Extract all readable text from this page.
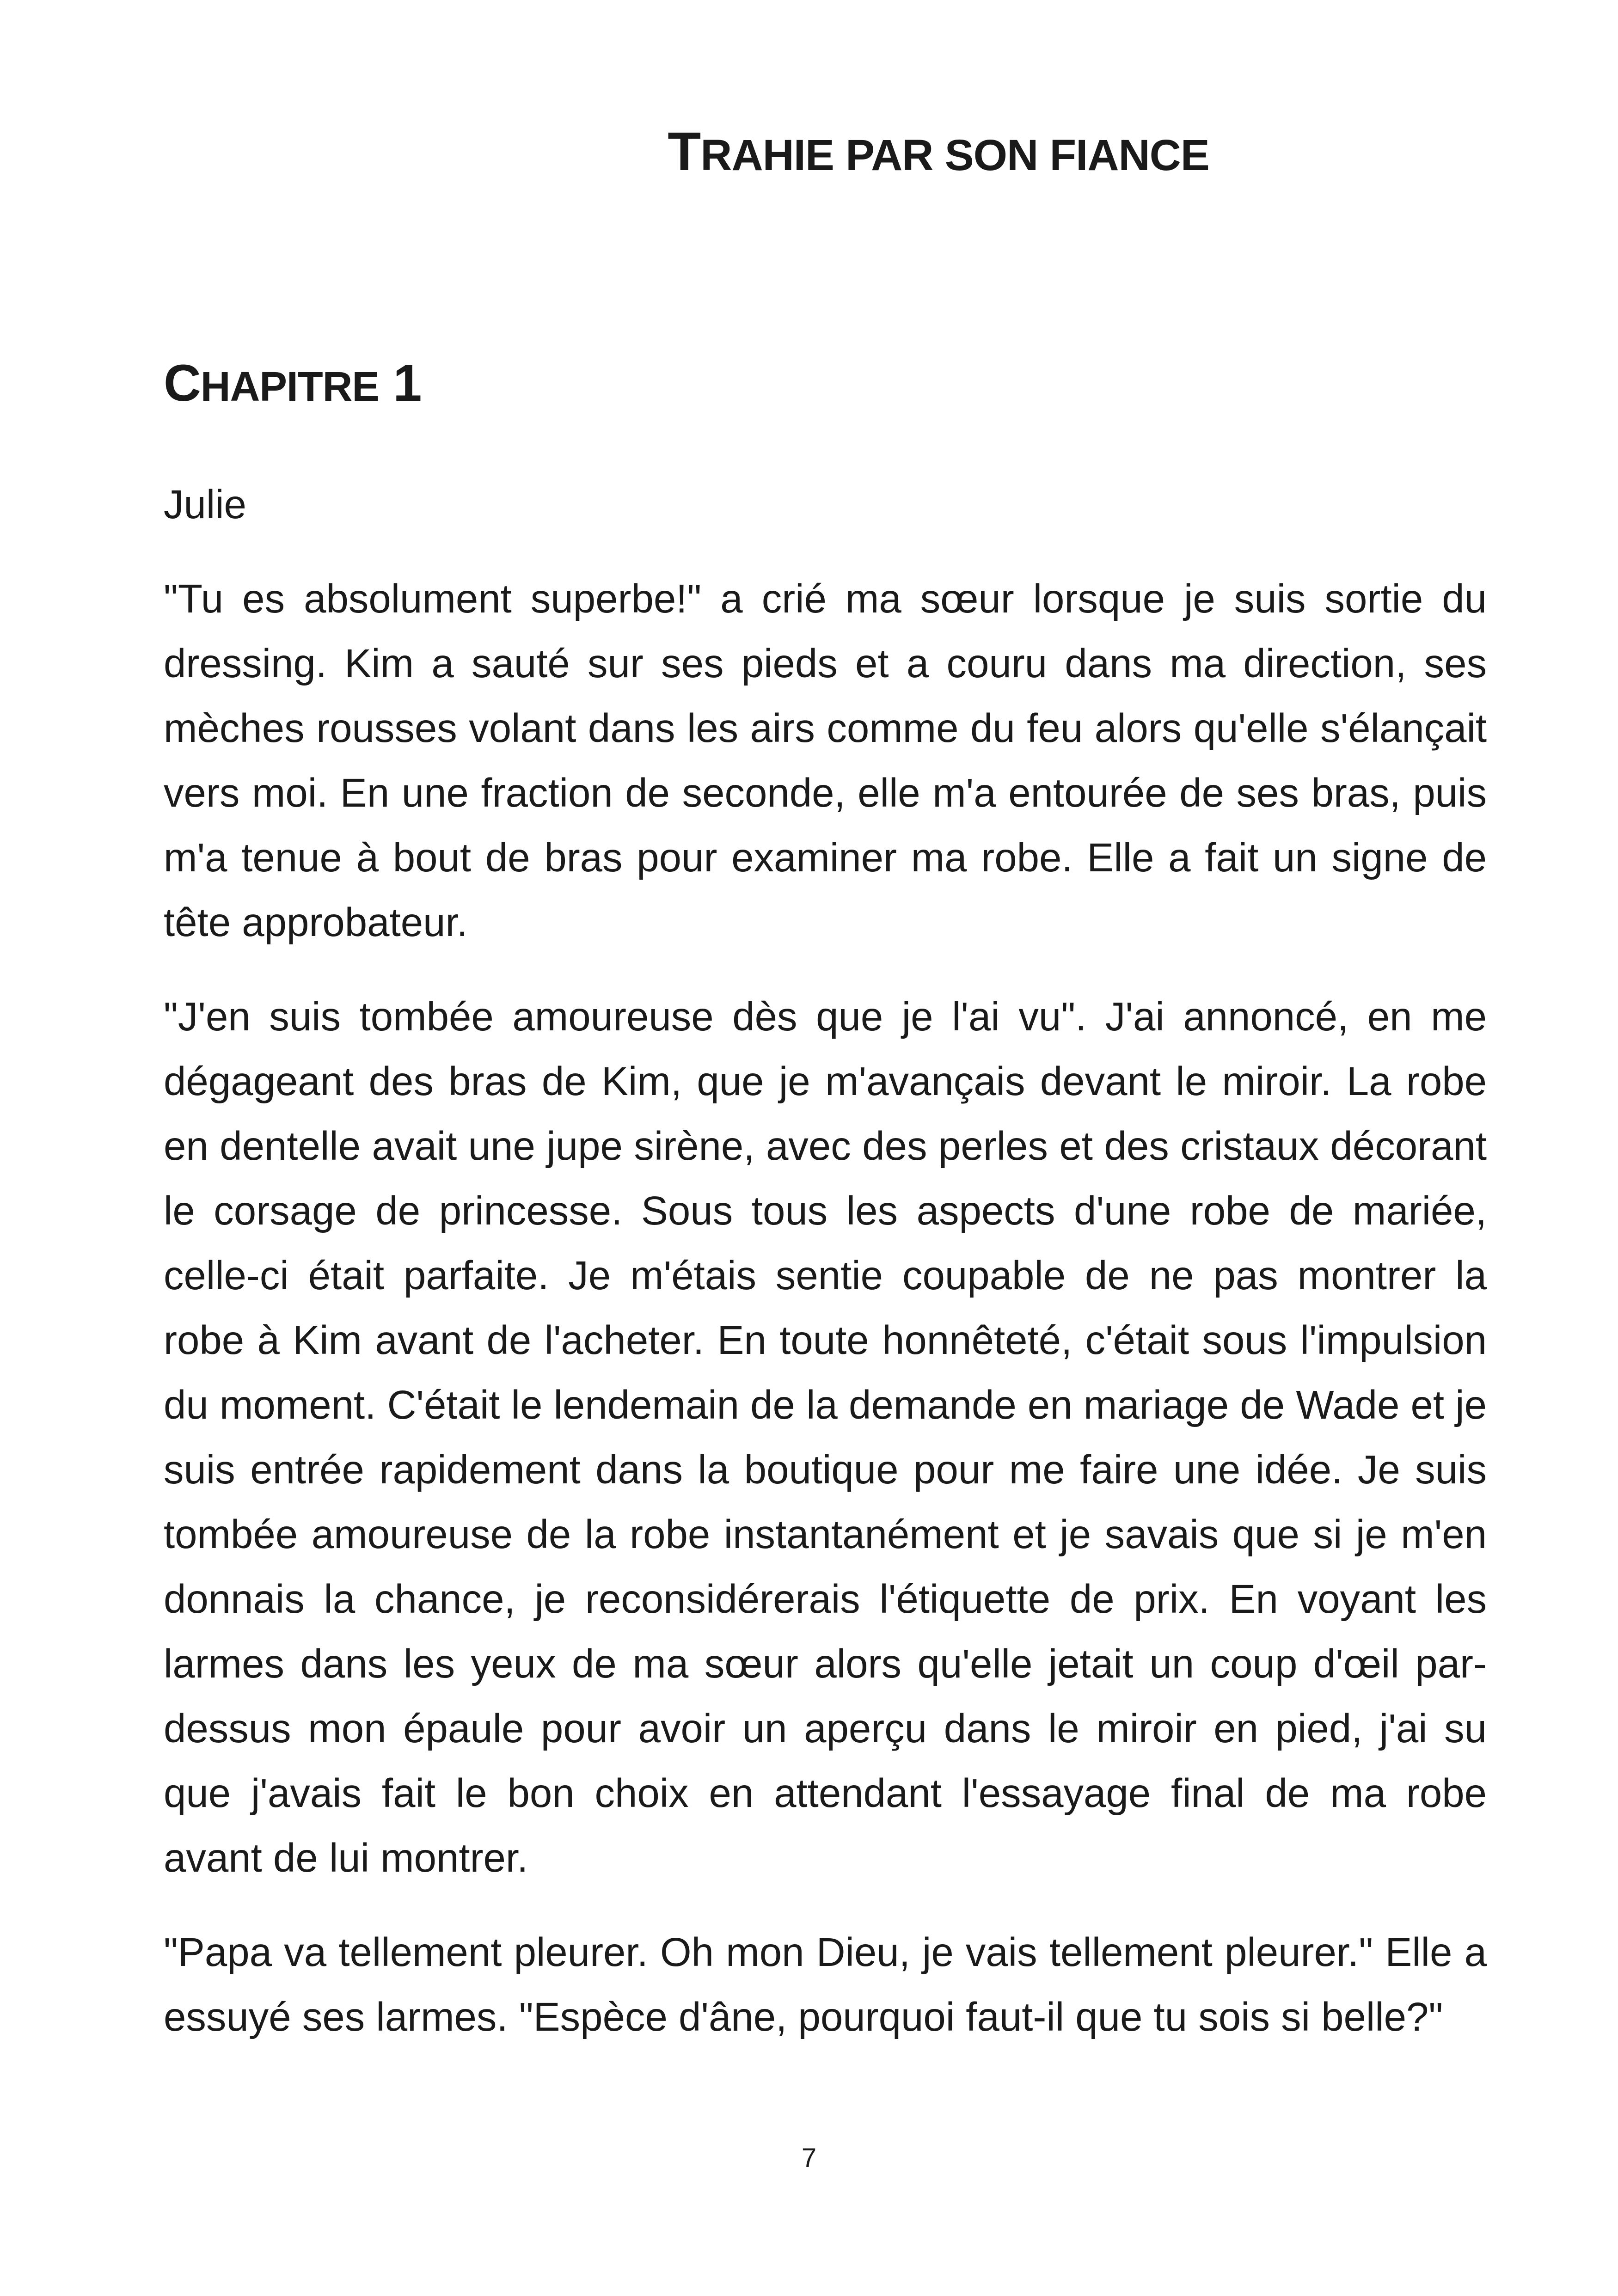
TRAHIE PAR SON FIANCE
CHAPITRE 1

Julie

"Tu es absolument superbe!" a crié ma sœur lorsque je suis sortie du dressing. Kim a sauté sur ses pieds et a couru dans ma direction, ses mèches rousses volant dans les airs comme du feu alors qu'elle s'élançait vers moi. En une fraction de seconde, elle m'a entourée de ses bras, puis m'a tenue à bout de bras pour examiner ma robe. Elle a fait un signe de tête approbateur.

"J'en suis tombée amoureuse dès que je l'ai vu". J'ai annoncé, en me dégageant des bras de Kim, que je m'avançais devant le miroir. La robe en dentelle avait une jupe sirène, avec des perles et des cristaux décorant le corsage de princesse. Sous tous les aspects d'une robe de mariée, celle-ci était parfaite. Je m'étais sentie coupable de ne pas montrer la robe à Kim avant de l'acheter. En toute honnêteté, c'était sous l'impulsion du moment. C'était le lendemain de la demande en mariage de Wade et je suis entrée rapidement dans la boutique pour me faire une idée. Je suis tombée amoureuse de la robe instantanément et je savais que si je m'en donnais la chance, je reconsidérerais l'étiquette de prix. En voyant les larmes dans les yeux de ma sœur alors qu'elle jetait un coup d'œil par-dessus mon épaule pour avoir un aperçu dans le miroir en pied, j'ai su que j'avais fait le bon choix en attendant l'essayage final de ma robe avant de lui montrer.

"Papa va tellement pleurer. Oh mon Dieu, je vais tellement pleurer." Elle a essuyé ses larmes. "Espèce d'âne, pourquoi faut-il que tu sois si belle?"

7
